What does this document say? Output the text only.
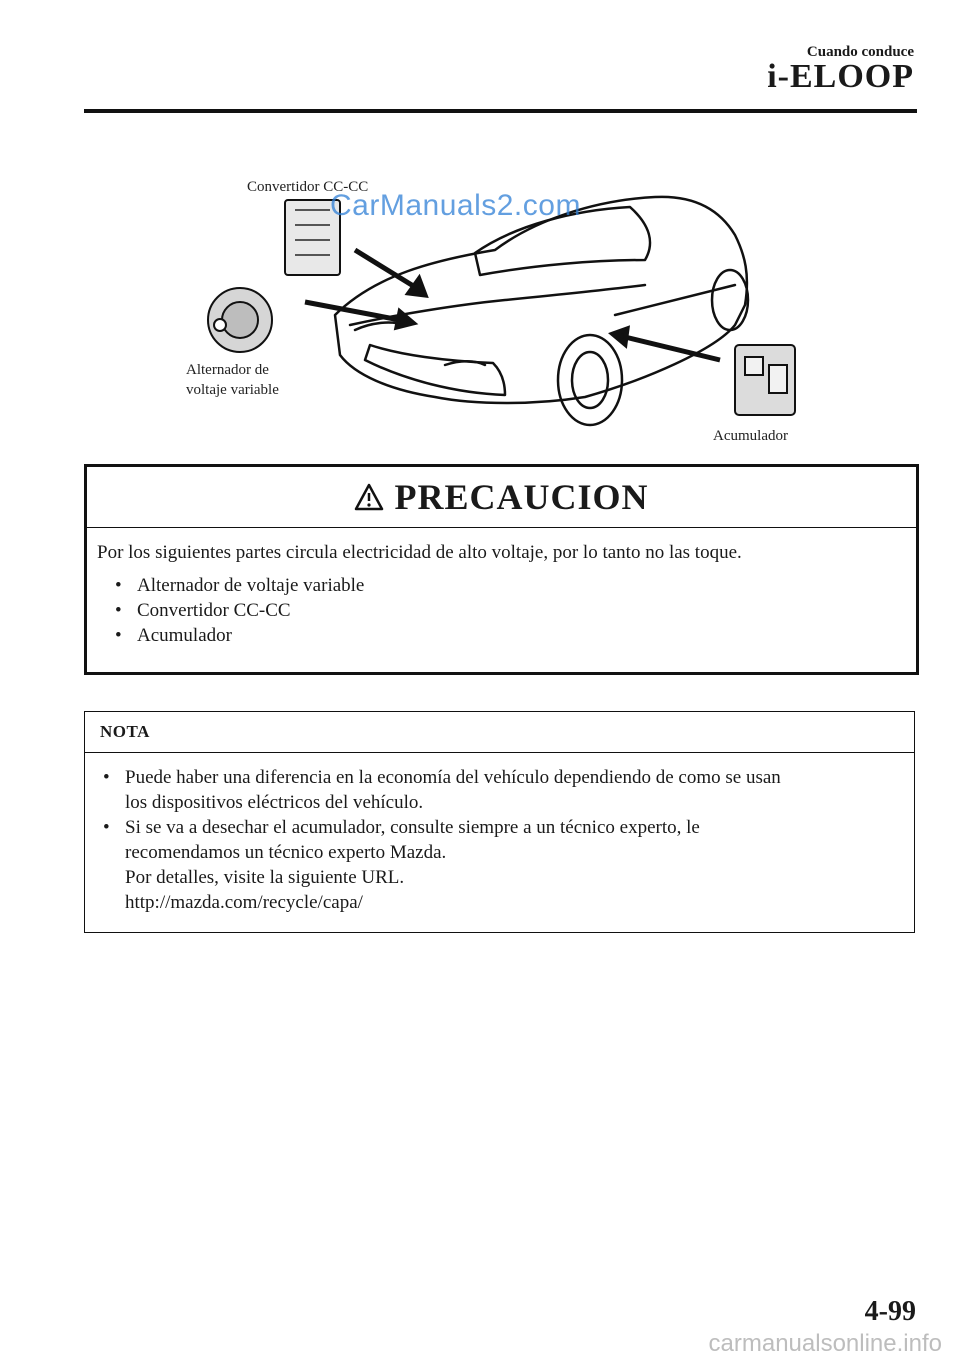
Cuando conduce
i-ELOOP
Convertidor CC-CC
Alternador de
voltaje variable
Acumulador
CarManuals2.com
PRECAUCION

Por los siguientes partes circula electricidad de alto voltaje, por lo tanto no las toque.

• Alternador de voltaje variable
• Convertidor CC-CC
• Acumulador
NOTA
• Puede haber una diferencia en la economía del vehículo dependiendo de como se usan
los dispositivos eléctricos del vehículo.
• Si se va a desechar el acumulador, consulte siempre a un técnico experto, le
recomendamos un técnico experto Mazda.
Por detalles, visite la siguiente URL.
http://mazda.com/recycle/capa/
4-99
carmanualsonline.info
